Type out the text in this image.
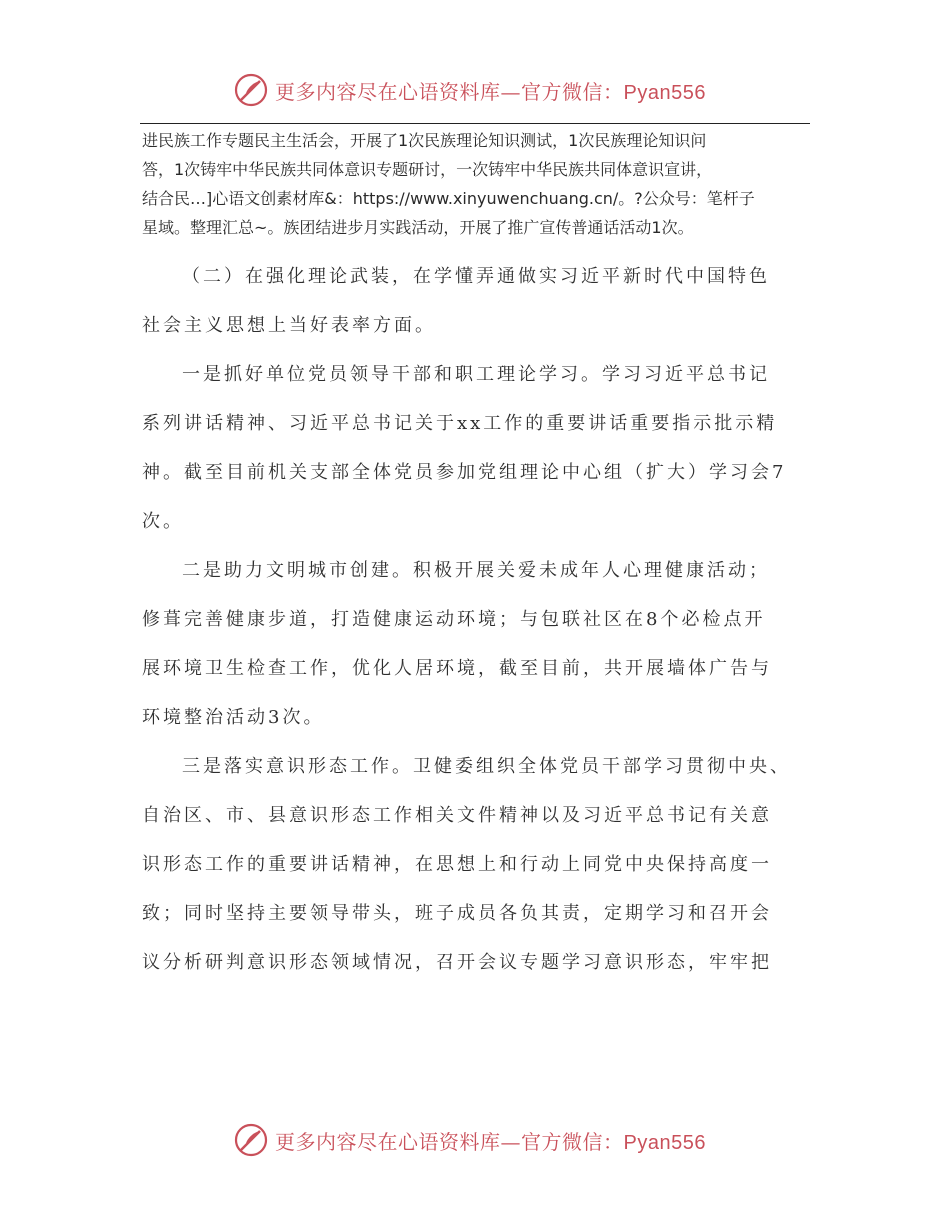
更多内容尽在心语资料库—官方微信：Pyan556
进民族工作专题民主生活会，开展了1次民族理论知识测试，1次民族理论知识问
答，1次铸牢中华民族共同体意识专题研讨，一次铸牢中华民族共同体意识宣讲，
结合民…]心语文创素材库&：https://www.xinyuwenchuang.cn/。?公众号：笔杆子
星域。整理汇总~。族团结进步月实践活动，开展了推广宣传普通话活动1次。
（二）在强化理论武装，在学懂弄通做实习近平新时代中国特色
社会主义思想上当好表率方面。
一是抓好单位党员领导干部和职工理论学习。学习习近平总书记
系列讲话精神、习近平总书记关于xx工作的重要讲话重要指示批示精
神。截至目前机关支部全体党员参加党组理论中心组（扩大）学习会7
次。
二是助力文明城市创建。积极开展关爱未成年人心理健康活动；
修葺完善健康步道，打造健康运动环境；与包联社区在8个必检点开
展环境卫生检查工作，优化人居环境，截至目前，共开展墙体广告与
环境整治活动3次。
三是落实意识形态工作。卫健委组织全体党员干部学习贯彻中央、
自治区、市、县意识形态工作相关文件精神以及习近平总书记有关意
识形态工作的重要讲话精神，在思想上和行动上同党中央保持高度一
致；同时坚持主要领导带头，班子成员各负其责，定期学习和召开会
议分析研判意识形态领域情况，召开会议专题学习意识形态，牢牢把
更多内容尽在心语资料库—官方微信：Pyan556
